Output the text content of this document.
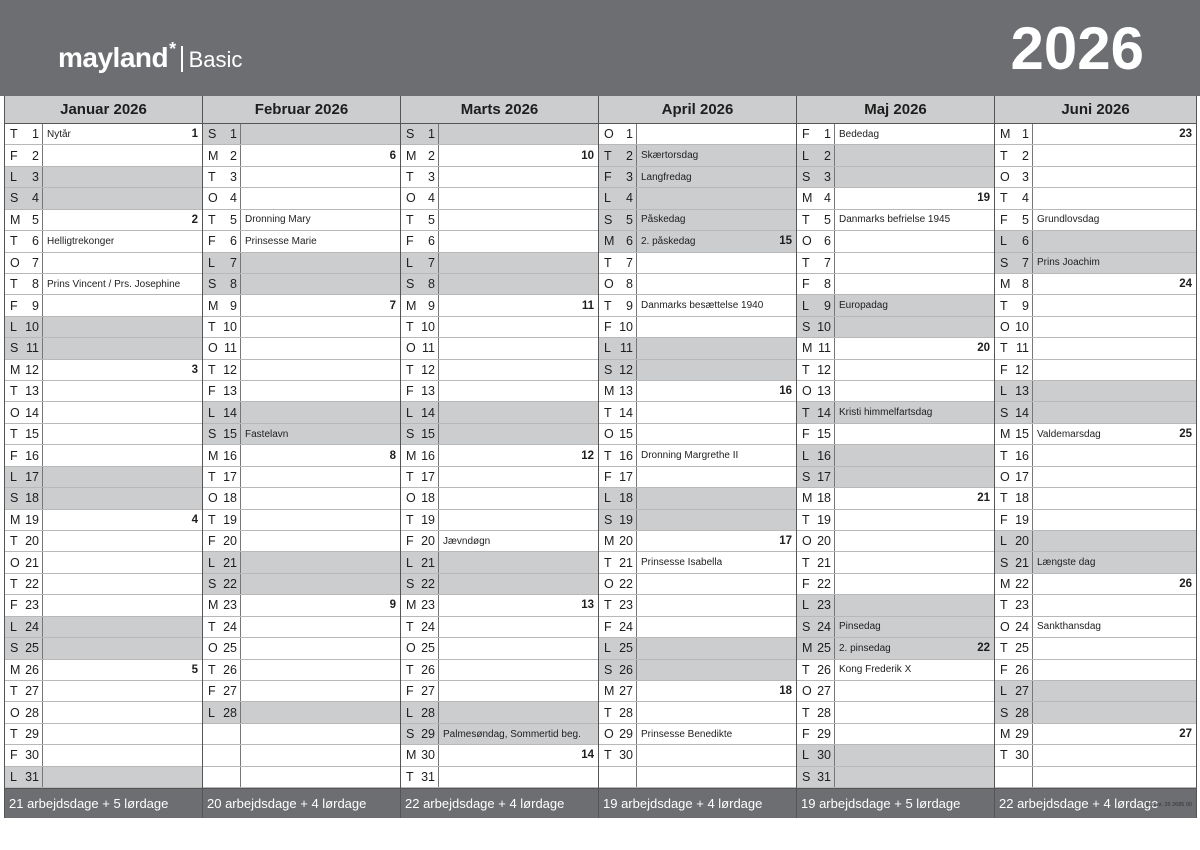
mayland * Basic	2026
Januar 2026
T 1 Nytår	1
F 2
L 3
S 4
M 5	2
T 6 Helligtrekonger
O 7
T 8 Prins Vincent / Prs. Josephine
F 9
L 10
S 11
M 12	3
T 13
O 14
T 15
F 16
L 17
S 18
M 19	4
T 20
O 21
T 22
F 23
L 24
S 25
M 26	5
T 27
O 28
T 29
F 30
L 31
21 arbejdsdage + 5 lørdage
Februar 2026
S 1
M 2	6
T 3
O 4
T 5 Dronning Mary
F 6 Prinsesse Marie
L 7
S 8
M 9	7
T 10
O 11
T 12
F 13
L 14
S 15 Fastelavn
M 16	8
T 17
O 18
T 19
F 20
L 21
S 22
M 23	9
T 24
O 25
T 26
F 27
L 28
20 arbejdsdage + 4 lørdage
Marts 2026
S 1
M 2	10
T 3
O 4
T 5
F 6
L 7
S 8
M 9	11
T 10
O 11
T 12
F 13
L 14
S 15
M 16	12
T 17
O 18
T 19
F 20 Jævndøgn
L 21
S 22
M 23	13
T 24
O 25
T 26
F 27
L 28
S 29 Palmesøndag, Sommertid beg.
M 30	14
T 31
22 arbejdsdage + 4 lørdage
April 2026
O 1
T 2 Skærtorsdag
F 3 Langfredag
L 4
S 5 Påskedag
M 6 2. påskedag	15
T 7
O 8
T 9 Danmarks besættelse 1940
F 10
L 11
S 12
M 13	16
T 14
O 15
T 16 Dronning Margrethe II
F 17
L 18
S 19
M 20	17
T 21 Prinsesse Isabella
O 22
T 23
F 24
L 25
S 26
M 27	18
T 28
O 29 Prinsesse Benedikte
T 30
19 arbejdsdage + 4 lørdage
Maj 2026
F 1 Bededag
L 2
S 3
M 4	19
T 5 Danmarks befrielse 1945
O 6
T 7
F 8
L 9 Europadag
S 10
M 11	20
T 12
O 13
T 14 Kristi himmelfartsdag
F 15
L 16
S 17
M 18	21
T 19
O 20
T 21
F 22
L 23
S 24 Pinsedag
M 25 2. pinsedag	22
T 26 Kong Frederik X
O 27
T 28
F 29
L 30
S 31
19 arbejdsdage + 5 lørdage
Juni 2026
M 1	23
T 2
O 3
T 4
F 5 Grundlovsdag
L 6
S 7 Prins Joachim
M 8	24
T 9
O 10
T 11
F 12
L 13
S 14
M 15 Valdemarsdag	25
T 16
O 17
T 18
F 19
L 20
S 21 Længste dag
M 22	26
T 23
O 24 Sankthansdag
T 25
F 26
L 27
S 28
M 29	27
T 30
22 arbejdsdage + 4 lørdage
Varenr. 26 2685 00
